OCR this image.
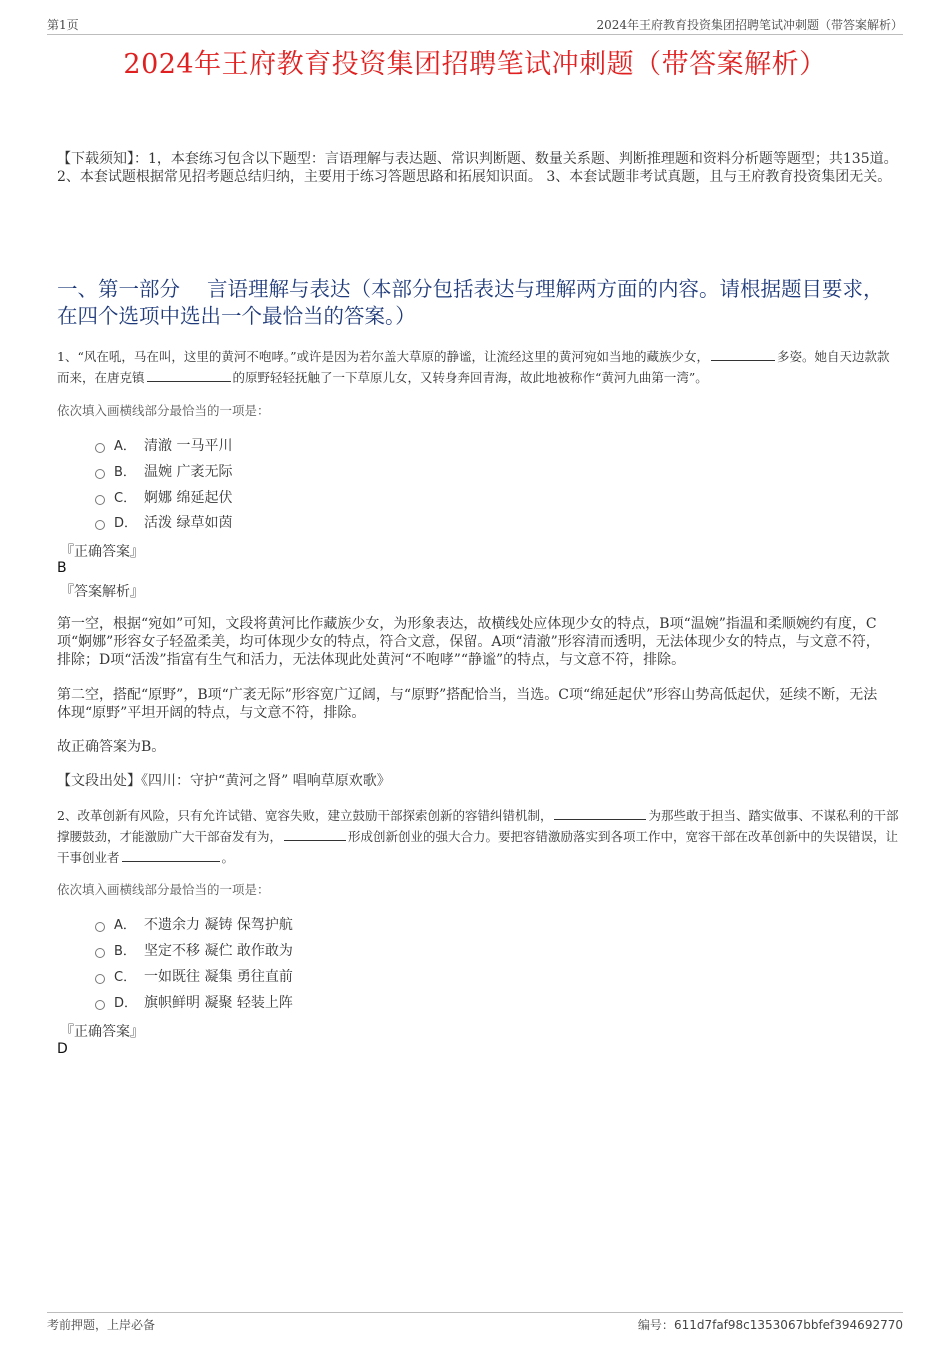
第1页	2024年王府教育投资集团招聘笔试冲刺题（带答案解析）
2024年王府教育投资集团招聘笔试冲刺题（带答案解析）
【下载须知】：1，本套练习包含以下题型：言语理解与表达题、常识判断题、数量关系题、判断推理题和资料分析题等题型；共135道。 2、本套试题根据常见招考题总结归纳，主要用于练习答题思路和拓展知识面。 3、本套试题非考试真题，且与王府教育投资集团无关。
一、第一部分　 言语理解与表达（本部分包括表达与理解两方面的内容。请根据题目要求，在四个选项中选出一个最恰当的答案。）
1、“风在吼，马在叫，这里的黄河不咆哮。”或许是因为若尔盖大草原的静谧，让流经这里的黄河宛如当地的藏族少女，	多姿。她自天边款款而来，在唐克镇	的原野轻轻抚触了一下草原儿女，又转身奔回青海，故此地被称作“黄河九曲第一湾”。
依次填入画横线部分最恰当的一项是：
A． 清澈 一马平川
B． 温婉 广袤无际
C． 婀娜 绵延起伏
D． 活泼 绿草如茵
『正确答案』
B
『答案解析』
第一空，根据“宛如”可知，文段将黄河比作藏族少女，为形象表达，故横线处应体现少女的特点，B项“温婉”指温和柔顺婉约有度，C项“婀娜”形容女子轻盈柔美，均可体现少女的特点，符合文意，保留。A项“清澈”形容清而透明，无法体现少女的特点，与文意不符，排除；D项“活泼”指富有生气和活力，无法体现此处黄河“不咆哮”“静谧”的特点，与文意不符，排除。
第二空，搭配“原野”，B项“广袤无际”形容宽广辽阔，与“原野”搭配恰当，当选。C项“绵延起伏”形容山势高低起伏，延续不断，无法体现“原野”平坦开阔的特点，与文意不符，排除。
故正确答案为B。
【文段出处】《四川：守护“黄河之肾” 唱响草原欢歌》
2、改革创新有风险，只有允许试错、宽容失败，建立鼓励干部探索创新的容错纠错机制，	为那些敢于担当、踏实做事、不谋私利的干部撑腰鼓劲，才能激励广大干部奋发有为，	形成创新创业的强大合力。要把容错激励落实到各项工作中，宽容干部在改革创新中的失误错误，让干事创业者	。
依次填入画横线部分最恰当的一项是：
A． 不遗余力 凝铸 保驾护航
B． 坚定不移 凝伫 敢作敢为
C． 一如既往 凝集 勇往直前
D． 旗帜鲜明 凝聚 轻装上阵
『正确答案』
D
考前押题，上岸必备	编号：611d7faf98c1353067bbfef394692770
